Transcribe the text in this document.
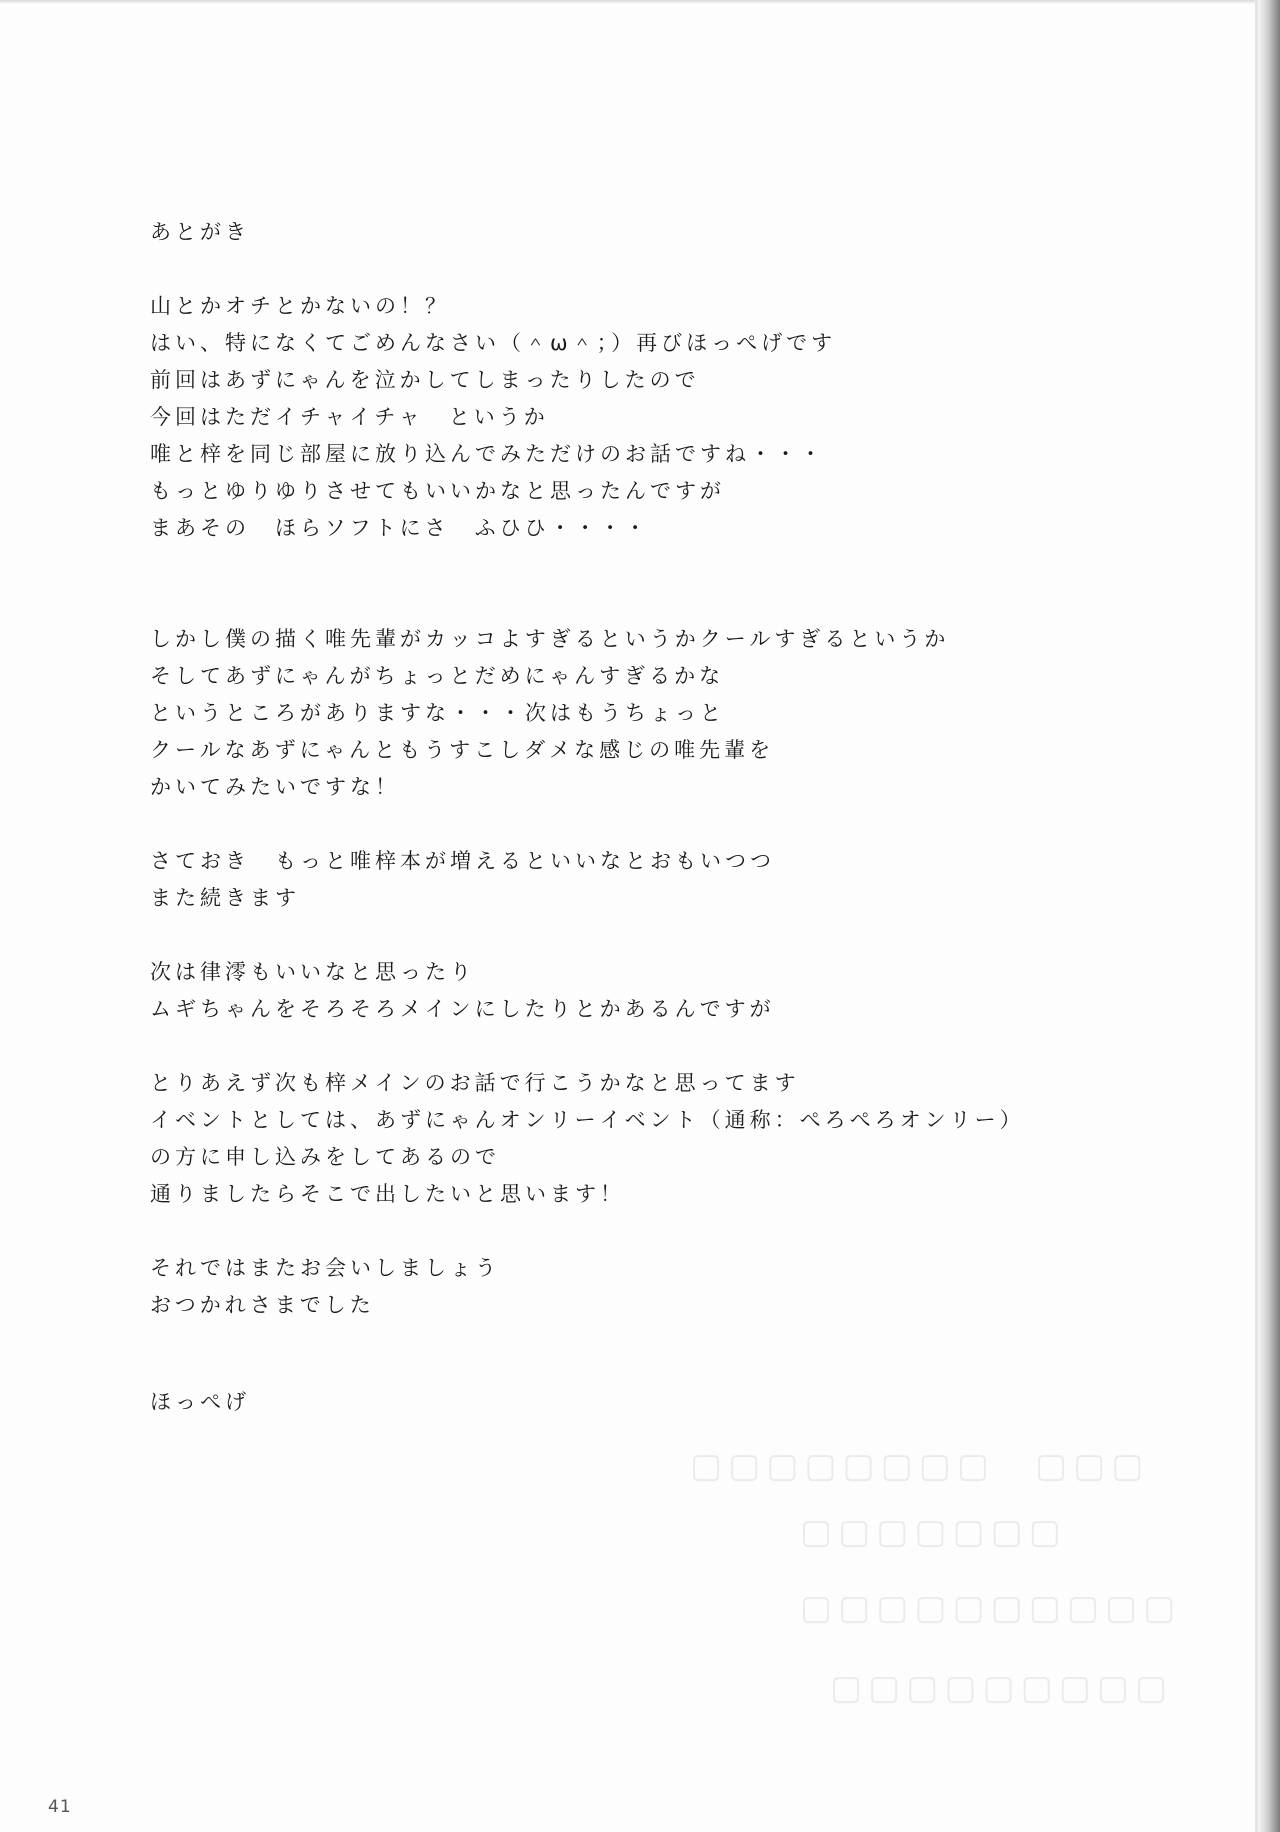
▢▢▢▢▢▢▢▢　▢▢▢
▢▢▢▢▢▢▢
▢▢▢▢▢▢▢▢▢▢
▢▢▢▢▢▢▢▢▢
あとがき
山とかオチとかないの！？
はい、特になくてごめんなさい（＾ω＾；）再びほっぺげです
前回はあずにゃんを泣かしてしまったりしたので
今回はただイチャイチャ　というか
唯と梓を同じ部屋に放り込んでみただけのお話ですね・・・
もっとゆりゆりさせてもいいかなと思ったんですが
まあその　ほらソフトにさ　ふひひ・・・・
しかし僕の描く唯先輩がカッコよすぎるというかクールすぎるというか
そしてあずにゃんがちょっとだめにゃんすぎるかな
というところがありますな・・・次はもうちょっと
クールなあずにゃんともうすこしダメな感じの唯先輩を
かいてみたいですな！
さておき　もっと唯梓本が増えるといいなとおもいつつ
また続きます
次は律澪もいいなと思ったり
ムギちゃんをそろそろメインにしたりとかあるんですが
とりあえず次も梓メインのお話で行こうかなと思ってます
イベントとしては、あずにゃんオンリーイベント（通称：ぺろぺろオンリー）
の方に申し込みをしてあるので
通りましたらそこで出したいと思います！
それではまたお会いしましょう
おつかれさまでした
ほっぺげ
41
